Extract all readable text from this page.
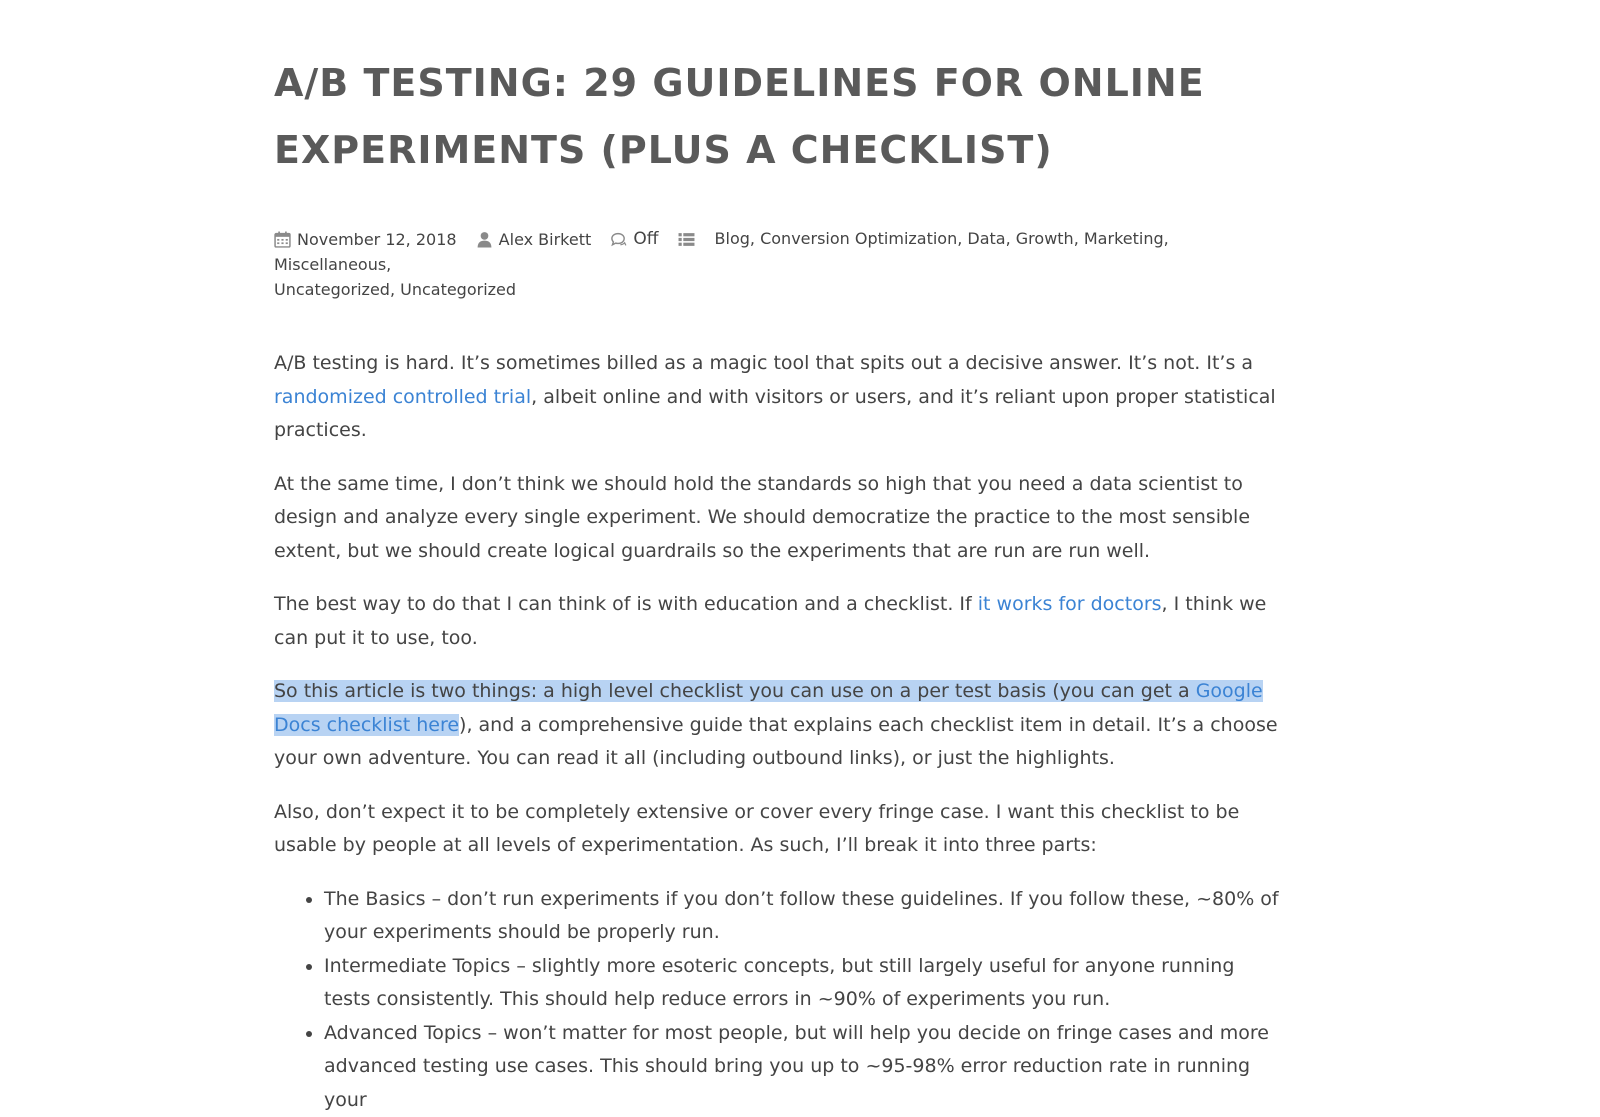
A/B TESTING: 29 GUIDELINES FOR ONLINE
EXPERIMENTS (PLUS A CHECKLIST)
November 12, 2018
	Alex Birkett
Off
	Blog, Conversion Optimization, Data, Growth, Marketing, Miscellaneous,
Uncategorized, Uncategorized

A/B testing is hard. It’s sometimes billed as a magic tool that spits out a decisive answer. It’s not. It’s a randomized controlled trial, albeit online and with visitors or users, and it’s reliant upon proper statistical practices.

At the same time, I don’t think we should hold the standards so high that you need a data scientist to design and analyze every single experiment. We should democratize the practice to the most sensible extent, but we should create logical guardrails so the experiments that are run are run well.

The best way to do that I can think of is with education and a checklist. If it works for doctors, I think we can put it to use, too.

So this article is two things: a high level checklist you can use on a per test basis (you can get a Google Docs checklist here), and a comprehensive guide that explains each checklist item in detail. It’s a choose your own adventure. You can read it all (including outbound links), or just the highlights.

Also, don’t expect it to be completely extensive or cover every fringe case. I want this checklist to be usable by people at all levels of experimentation. As such, I’ll break it into three parts:

• The Basics – don’t run experiments if you don’t follow these guidelines. If you follow these, ~80% of your experiments should be properly run.
• Intermediate Topics – slightly more esoteric concepts, but still largely useful for anyone running tests consistently. This should help reduce errors in ~90% of experiments you run.
• Advanced Topics – won’t matter for most people, but will help you decide on fringe cases and more advanced testing use cases. This should bring you up to ~95-98% error reduction rate in running your
